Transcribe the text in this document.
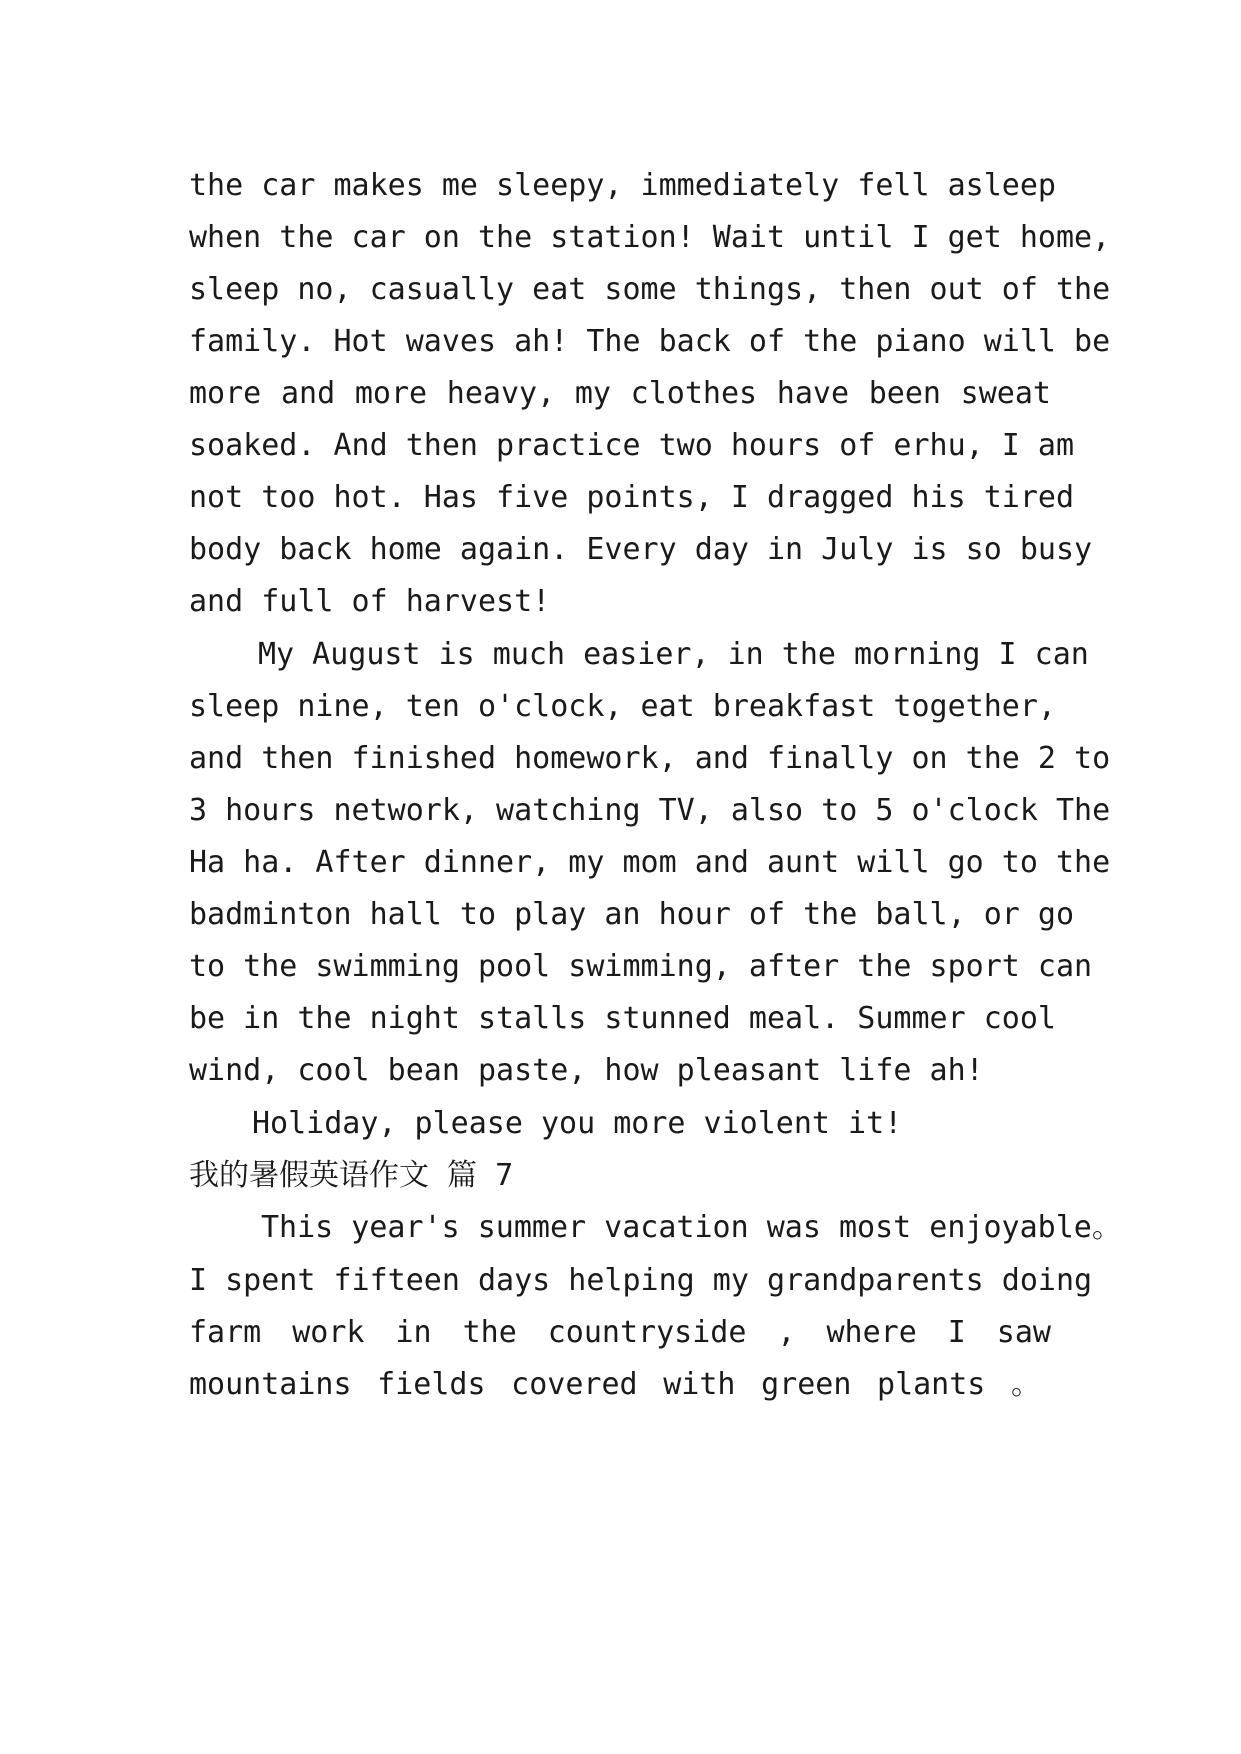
the car makes me sleepy, immediately fell asleep
when the car on the station! Wait until I get home,
sleep no, casually eat some things, then out of the
family. Hot waves ah! The back of the piano will be
more and more heavy, my clothes have been sweat
soaked. And then practice two hours of erhu, I am
not too hot. Has five points, I dragged his tired
body back home again. Every day in July is so busy
and full of harvest!
My August is much easier, in the morning I can
sleep nine, ten o'clock, eat breakfast together,
and then finished homework, and finally on the 2 to
3 hours network, watching TV, also to 5 o'clock The
Ha ha. After dinner, my mom and aunt will go to the
badminton hall to play an hour of the ball, or go
to the swimming pool swimming, after the sport can
be in the night stalls stunned meal. Summer cool
wind, cool bean paste, how pleasant life ah!
Holiday, please you more violent it!
我的暑假英语作文 篇 7
This year's summer vacation was most enjoyable。
I spent fifteen days helping my grandparents doing
farm work in the countryside , where I saw
mountains fields covered with green plants 。
